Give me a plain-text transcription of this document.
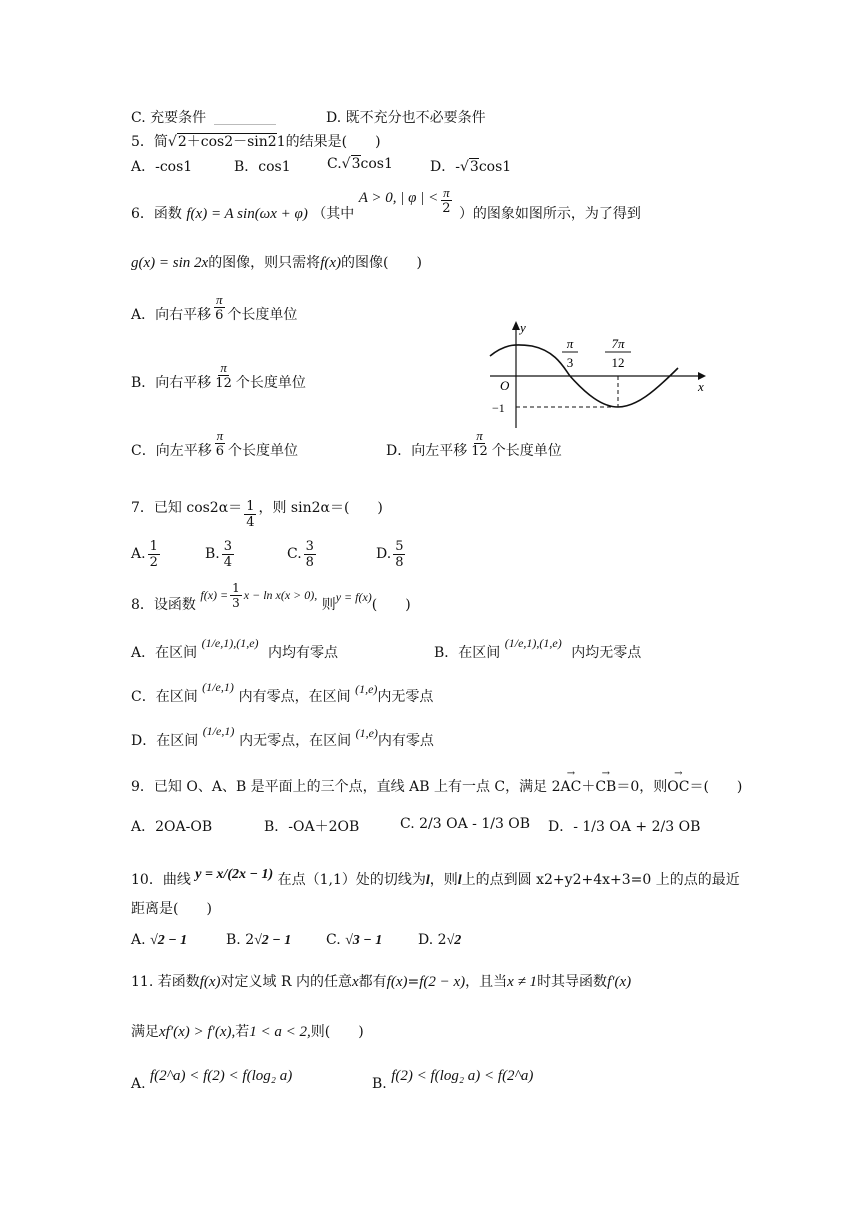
C. 充要条件	D. 既不充分也不必要条件
5．简√2＋cos2－sin21的结果是(　　)
A．-cos1	B．cos1	C.√3cos1	D．-√3cos1
6．函数 f(x) = A sin(ωx + φ) （其中 A > 0, | φ | < $\frac{\pi}{2}$ ）的图象如图所示，为了得到
g(x) = sin 2x的图像，则只需将f(x)的图像(　　)
A．向右平移 $\frac{\pi}{6}$ 个长度单位
B．向右平移 $\frac{\pi}{12}$ 个长度单位
C．向左平移 $\frac{\pi}{6}$ 个长度单位	D．向左平移 $\frac{\pi}{12}$ 个长度单位
y
x
O
−1
π
3
7π
12
7．已知 $\cos 2\alpha= \frac{1}{4}$ ，则 sin2α＝(　　)
A. $\frac{1}{2}$	B. $\frac{3}{4}$	C. $\frac{3}{8}$	D. $\frac{5}{8}$
8．设函数 $f(x) = \frac{1}{3}$ x − ln x(x > 0), 则y = f(x)(　　)
A．在区间 (1/e,1),(1,e) 内均有零点	B．在区间 (1/e,1),(1,e) 内均无零点
C．在区间 (1/e,1) 内有零点，在区间 (1,e)内无零点
D．在区间 (1/e,1) 内无零点，在区间 (1,e)内有零点
9．已知 O、A、B 是平面上的三个点，直线 AB 上有一点 C，满足 2→ AC＋→ CB＝0，则→ OC＝(　　)
A．2OA-OB	B．-OA＋2OB	C. 2/3 OA - 1/3 OB D．- 1/3 OA + 2/3 OB
10．曲线 y = x/(2x − 1) 在点（1,1）处的切线为l，则l上的点到圆 x2+y2+4x+3=0 上的点的最近
距离是(　　)
A. √2 − 1	B. 2√2 − 1 C. √3 − 1	D. 2√2
11. 若函数f(x)对定义域 R 内的任意x都有f(x)=f(2 − x)，且当x ≠ 1时其导函数f′(x)
满足xf′(x) > f′(x),若1 < a < 2,则(　　)
A. f(2^a) < f(2) < f(log₂ a)	B. f(2) < f(log₂ a) < f(2^a)
